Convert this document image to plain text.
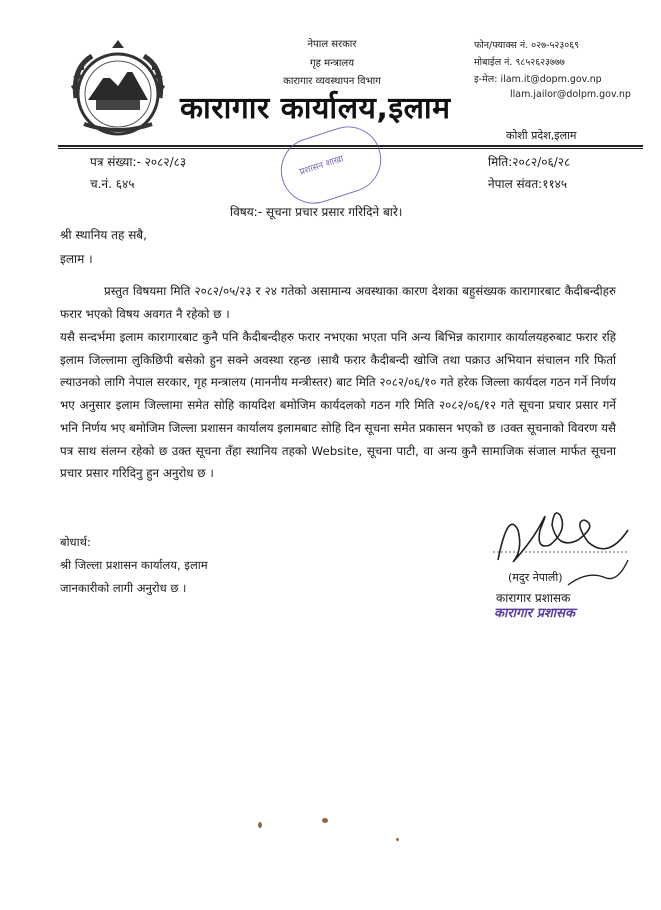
नेपाल सरकार
गृह मन्त्रालय
कारागार व्यवस्थापन विभाग
कारागार कार्यालय,इलाम
फोन/फ्याक्स नं. ०२७-५२३०६९
मोबाईल नं. ९८५२६२३७७७
इ-मेल: ilam.it@dopm.gov.np
llam.jailor@dolpm.gov.np
कोशी प्रदेश,इलाम
प्रशासन शाखा
पत्र संख्या:- २०८२/८३	मिति:२०८२/०६/२८
च.नं. ६४५	नेपाल संवत:११४५
विषय:- सूचना प्रचार प्रसार गरिदिने बारे।
श्री स्थानिय तह सबै,
इलाम ।

प्रस्तुत विषयमा मिति २०८२/०५/२३ र २४ गतेको असामान्य अवस्थाका कारण देशका बहुसंख्यक कारागारबाट कैदीबन्दीहरु फरार भएको विषय अवगत नै रहेको छ ।

यसै सन्दर्भमा इलाम कारागारबाट कुनै पनि कैदीबन्दीहरु फरार नभएका भएता पनि अन्य बिभिन्न कारागार कार्यालयहरुबाट फरार रहि इलाम जिल्लामा लुकिछिपी बसेको हुन सक्ने अवस्था रहन्छ ।साथै फरार कैदीबन्दी खोजि तथा पक्राउ अभियान संचालन गरि फिर्ता ल्याउनको लागि नेपाल सरकार, गृह मन्त्रालय (माननीय मन्त्रीस्तर) बाट मिति २०८२/०६/१० गते हरेक जिल्ला कार्यदल गठन गर्ने निर्णय भए अनुसार इलाम जिल्लामा समेत सोहि कायदिश बमोजिम कार्यदलको गठन गरि मिति २०८२/०६/१२ गते सूचना प्रचार प्रसार गर्ने भनि निर्णय भए बमोजिम जिल्ला प्रशासन कार्यालय इलामबाट सोहि दिन सूचना समेत प्रकासन भएको छ ।उक्त सूचनाको विवरण यसै पत्र साथ संलग्न रहेको छ उक्त सूचना तँहा स्थानिय तहको Website, सूचना पाटी, वा अन्य कुनै सामाजिक संजाल मार्फत सूचना प्रचार प्रसार गरिदिनु हुन अनुरोध छ ।

(मदुर नेपाली)
कारागार प्रशासक
कारागार प्रशासक
बोधार्थ:
श्री जिल्ला प्रशासन कार्यालय, इलाम
जानकारीको लागी अनुरोध छ ।
